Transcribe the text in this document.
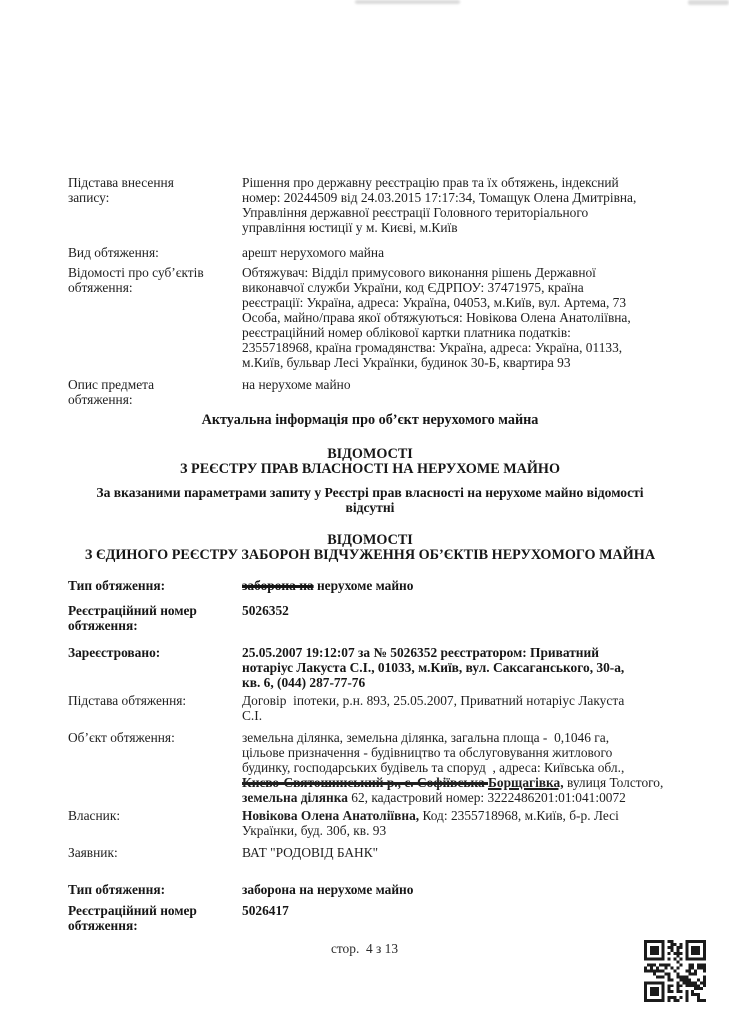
Підстава внесення запису:
Рішення про державну реєстрацію прав та їх обтяжень, індексний
номер: 20244509 від 24.03.2015 17:17:34, Томащук Олена Дмитрівна,
Управління державної реєстрації Головного територіального
управління юстиції у м. Києві, м.Київ
Вид обтяження:	арешт нерухомого майна
Відомості про суб’єктів обтяження:
Обтяжувач: Відділ примусового виконання рішень Державної
виконавчої служби України, код ЄДРПОУ: 37471975, країна
реєстрації: Україна, адреса: Україна, 04053, м.Київ, вул. Артема, 73
Особа, майно/права якої обтяжуються: Новікова Олена Анатоліївна,
реєстраційний номер облікової картки платника податків:
2355718968, країна громадянства: Україна, адреса: Україна, 01133,
м.Київ, бульвар Лесі Українки, будинок 30-Б, квартира 93
Опис предмета обтяження:
на нерухоме майно
Актуальна інформація про об’єкт нерухомого майна
ВІДОМОСТІ
З РЕЄСТРУ ПРАВ ВЛАСНОСТІ НА НЕРУХОМЕ МАЙНО
За вказаними параметрами запиту у Реєстрі прав власності на нерухоме майно відомості
відсутні
ВІДОМОСТІ
З ЄДИНОГО РЕЄСТРУ ЗАБОРОН ВІДЧУЖЕННЯ ОБ’ЄКТІВ НЕРУХОМОГО МАЙНА
Тип обтяження:	заборона на нерухоме майно
Реєстраційний номер обтяження:
5026352
Зареєстровано:	25.05.2007 19:12:07 за № 5026352 реєстратором: Приватний
нотаріус Лакуста С.І., 01033, м.Київ, вул. Саксаганського, 30-а,
кв. 6, (044) 287-77-76
Підстава обтяження:	Договір  іпотеки, р.н. 893, 25.05.2007, Приватний нотаріус Лакуста
С.І.
Об’єкт обтяження:	земельна ділянка, земельна ділянка, загальна площа -  0,1046 га,
цільове призначення - будівництво та обслуговування житлового
будинку, господарських будівель та споруд  , адреса: Київська обл.,
Києво-Святошинський р., с. Софіївська Борщагівка, вулиця Толстого,
земельна ділянка 62, кадастровий номер: 3222486201:01:041:0072
Власник:	Новікова Олена Анатоліївна, Код: 2355718968, м.Київ, б-р. Лесі
Українки, буд. 30б, кв. 93
Заявник:	ВАТ "РОДОВІД БАНК"
Тип обтяження:	заборона на нерухоме майно
Реєстраційний номер обтяження:
5026417
стор.  4 з 13
